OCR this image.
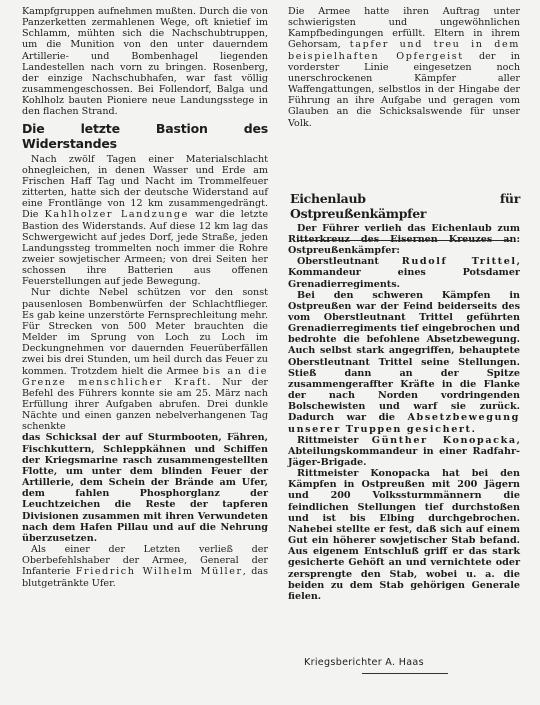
Kampfgruppen aufnehmen mußten. Durch die von Panzerketten zermahlenen Wege, oft knietief im Schlamm, mühten sich die Nachschubtruppen, um die Munition von den unter dauerndem Artillerie- und Bombenhagel liegenden Landestellen nach vorn zu bringen. Rosenberg, der einzige Nachschubhafen, war fast völlig zusammengeschossen. Bei Follendorf, Balga und Kohlholz bauten Pioniere neue Landungsstege in den flachen Strand.

Die letzte Bastion des Widerstandes

Nach zwölf Tagen einer Materialschlacht ohnegleichen, in denen Wasser und Erde am Frischen Haff Tag und Nacht im Trommelfeuer zitterten, hatte sich der deutsche Widerstand auf eine Frontlänge von 12 km zusammengedrängt. Die Kahlholzer Landzunge war die letzte Bastion des Widerstands. Auf diese 12 km lag das Schwergewicht auf jedes Dorf, jede Straße, jeden Landungssteg trommelten noch immer die Rohre zweier sowjetischer Armeen; von drei Seiten her schossen ihre Batterien aus offenen Feuerstellungen auf jede Bewegung.

Nur dichte Nebel schützen vor den sonst pausenlosen Bombenwürfen der Schlachtflieger. Es gab keine unzerstörte Fernsprechleitung mehr. Für Strecken von 500 Meter brauchten die Melder im Sprung von Loch zu Loch im Deckungnehmen vor dauernden Feuerüberfällen zwei bis drei Stunden, um heil durch das Feuer zu kommen. Trotzdem hielt die Armee bis an die Grenze menschlicher Kraft. Nur der Befehl des Führers konnte sie am 25. März nach Erfüllung ihrer Aufgaben abrufen. Drei dunkle Nächte und einen ganzen nebelverhangenen Tag schenkte

das Schicksal der auf Sturmbooten, Fähren, Fischkuttern, Schleppkähnen und Schiffen der Kriegsmarine rasch zusammengestellten Flotte, um unter dem blinden Feuer der Artillerie, dem Schein der Brände am Ufer, dem fahlen Phosphorglanz der Leuchtzeichen die Reste der tapferen Divisionen zusammen mit ihren Verwundeten nach dem Hafen Pillau und auf die Nehrung überzusetzen.

Als einer der Letzten verließ der Oberbefehlshaber der Armee, General der Infanterie Friedrich Wilhelm Müller, das blutgetränkte Ufer.

Die Armee hatte ihren Auftrag unter schwierigsten und ungewöhnlichen Kampfbedingungen erfüllt. Eltern in ihrem Gehorsam, tapfer und treu in dem beispielhaften Opfergeist der in vorderster Linie eingesetzen noch unerschrockenen Kämpfer aller Waffengattungen, selbstlos in der Hingabe der Führung an ihre Aufgabe und geragen vom Glauben an die Schicksalswende für unser Volk.

Eichenlaub für Ostpreußenkämpfer

Der Führer verlieh das Eichenlaub zum Ritterkreuz des Eisernen Kreuzes an: Ostpreußenkämpfer:

Oberstleutnant Rudolf Trittel, Kommandeur eines Potsdamer Grenadierregiments.

Bei den schweren Kämpfen in Ostpreußen war der Feind beiderseits des vom Oberstleutnant Trittel geführten Grenadierregiments tief eingebrochen und bedrohte die befohlene Absetzbewegung. Auch selbst stark angegriffen, behauptete Oberstleutnant Trittel seine Stellungen. Stieß dann an der Spitze zusammengeraffter Kräfte in die Flanke der nach Norden vordringenden Bolschewisten und warf sie zurück. Dadurch war die Absetzbewegung unserer Truppen gesichert.

Rittmeister Günther Konopacka, Abteilungskommandeur in einer Radfahr-Jäger-Brigade.

Rittmeister Konopacka hat bei den Kämpfen in Ostpreußen mit 200 Jägern und 200 Volkssturmmännern die feindlichen Stellungen tief durchstoßen und ist bis Elbing durchgebrochen. Nahebei stellte er fest, daß sich auf einem Gut ein höherer sowjetischer Stab befand. Aus eigenem Entschluß griff er das stark gesicherte Gehöft an und vernichtete oder zersprengte den Stab, wobei u. a. die beiden zu dem Stab gehörigen Generale fielen.

Kriegsberichter A. Haas
